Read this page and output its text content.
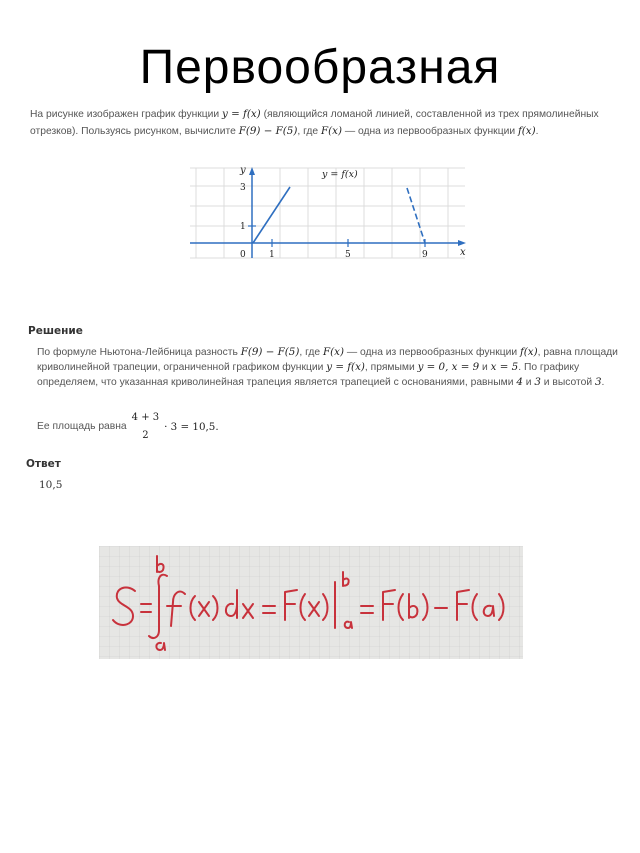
Первообразная
На рисунке изображен график функции y = f(x) (являющийся ломаной линией, составленной из трех прямолинейных отрезков). Пользуясь рисунком, вычислите F(9) − F(5), где F(x) — одна из первообразных функции f(x).
y
x
3
1
0	1	5	9
y = f(x)
Решение
По формуле Ньютона-Лейбница разность F(9) − F(5), где F(x) — одна из первообразных функции f(x), равна площади криволинейной трапеции, ограниченной графиком функции y = f(x), прямыми y = 0, x = 9 и x = 5. По графику определяем, что указанная криволинейная трапеция является трапецией с основаниями, равными 4 и 3 и высотой 3.
Ее площадь равна
4 + 3
2
· 3 = 10,5.
Ответ
10,5
